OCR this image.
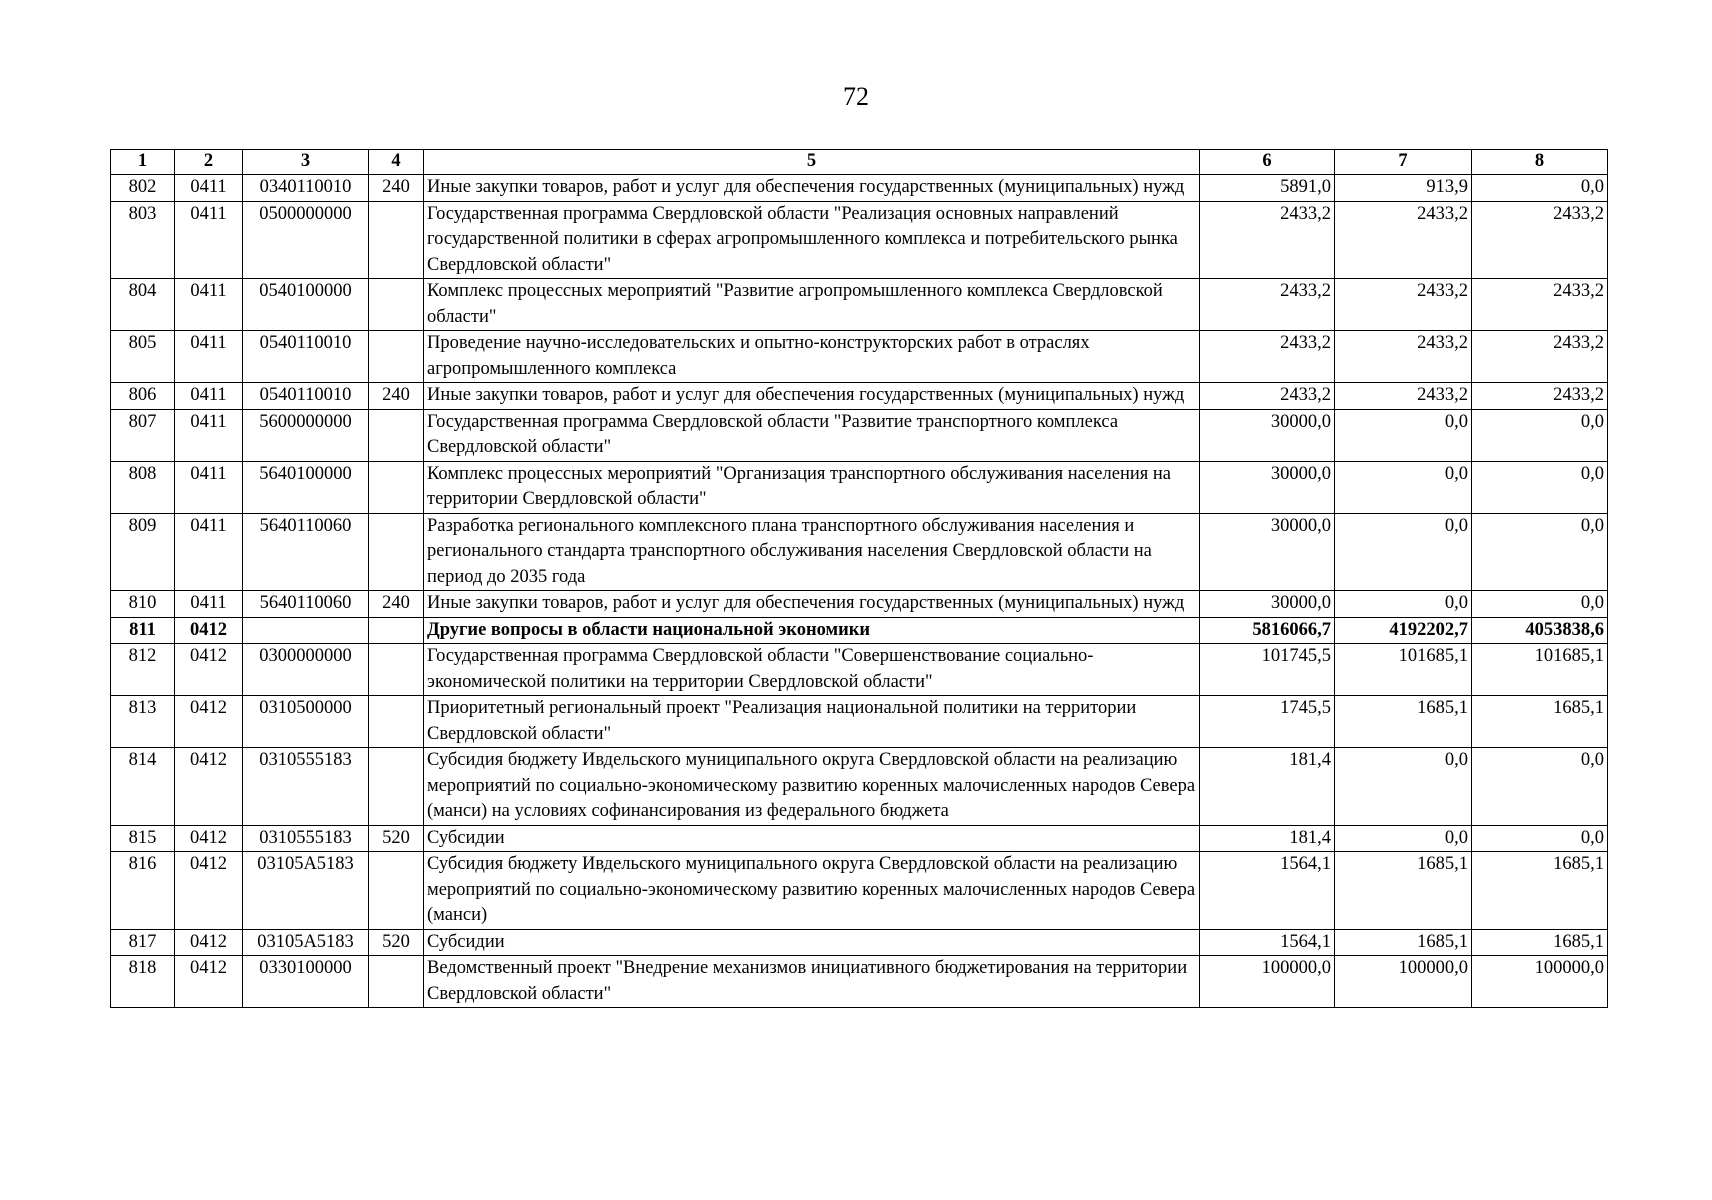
72
1	2	3	4	5	6	7	8
802	0411	0340110010	240	Иные закупки товаров, работ и услуг для обеспечения государственных (муниципальных) нужд	5891,0	913,9	0,0
803	0411	0500000000		Государственная программа Свердловской области "Реализация основных направлений государственной политики в сферах агропромышленного комплекса и потребительского рынка Свердловской области"	2433,2	2433,2	2433,2
804	0411	0540100000		Комплекс процессных мероприятий "Развитие агропромышленного комплекса Свердловской области"	2433,2	2433,2	2433,2
805	0411	0540110010		Проведение научно-исследовательских и опытно-конструкторских работ в отраслях агропромышленного комплекса	2433,2	2433,2	2433,2
806	0411	0540110010	240	Иные закупки товаров, работ и услуг для обеспечения государственных (муниципальных) нужд	2433,2	2433,2	2433,2
807	0411	5600000000		Государственная программа Свердловской области "Развитие транспортного комплекса Свердловской области"	30000,0	0,0	0,0
808	0411	5640100000		Комплекс процессных мероприятий "Организация транспортного обслуживания населения на территории Свердловской области"	30000,0	0,0	0,0
809	0411	5640110060		Разработка регионального комплексного плана транспортного обслуживания населения и регионального стандарта транспортного обслуживания населения Свердловской области на период до 2035 года	30000,0	0,0	0,0
810	0411	5640110060	240	Иные закупки товаров, работ и услуг для обеспечения государственных (муниципальных) нужд	30000,0	0,0	0,0
811	0412			Другие вопросы в области национальной экономики	5816066,7	4192202,7	4053838,6
812	0412	0300000000		Государственная программа Свердловской области "Совершенствование социально-экономической политики на территории Свердловской области"	101745,5	101685,1	101685,1
813	0412	0310500000		Приоритетный региональный проект "Реализация национальной политики на территории Свердловской области"	1745,5	1685,1	1685,1
814	0412	0310555183		Субсидия бюджету Ивдельского муниципального округа Свердловской области на реализацию мероприятий по социально-экономическому развитию коренных малочисленных народов Севера (манси) на условиях софинансирования из федерального бюджета	181,4	0,0	0,0
815	0412	0310555183	520	Субсидии	181,4	0,0	0,0
816	0412	03105A5183		Субсидия бюджету Ивдельского муниципального округа Свердловской области на реализацию мероприятий по социально-экономическому развитию коренных малочисленных народов Севера (манси)	1564,1	1685,1	1685,1
817	0412	03105A5183	520	Субсидии	1564,1	1685,1	1685,1
818	0412	0330100000		Ведомственный проект "Внедрение механизмов инициативного бюджетирования на территории Свердловской области"	100000,0	100000,0	100000,0
